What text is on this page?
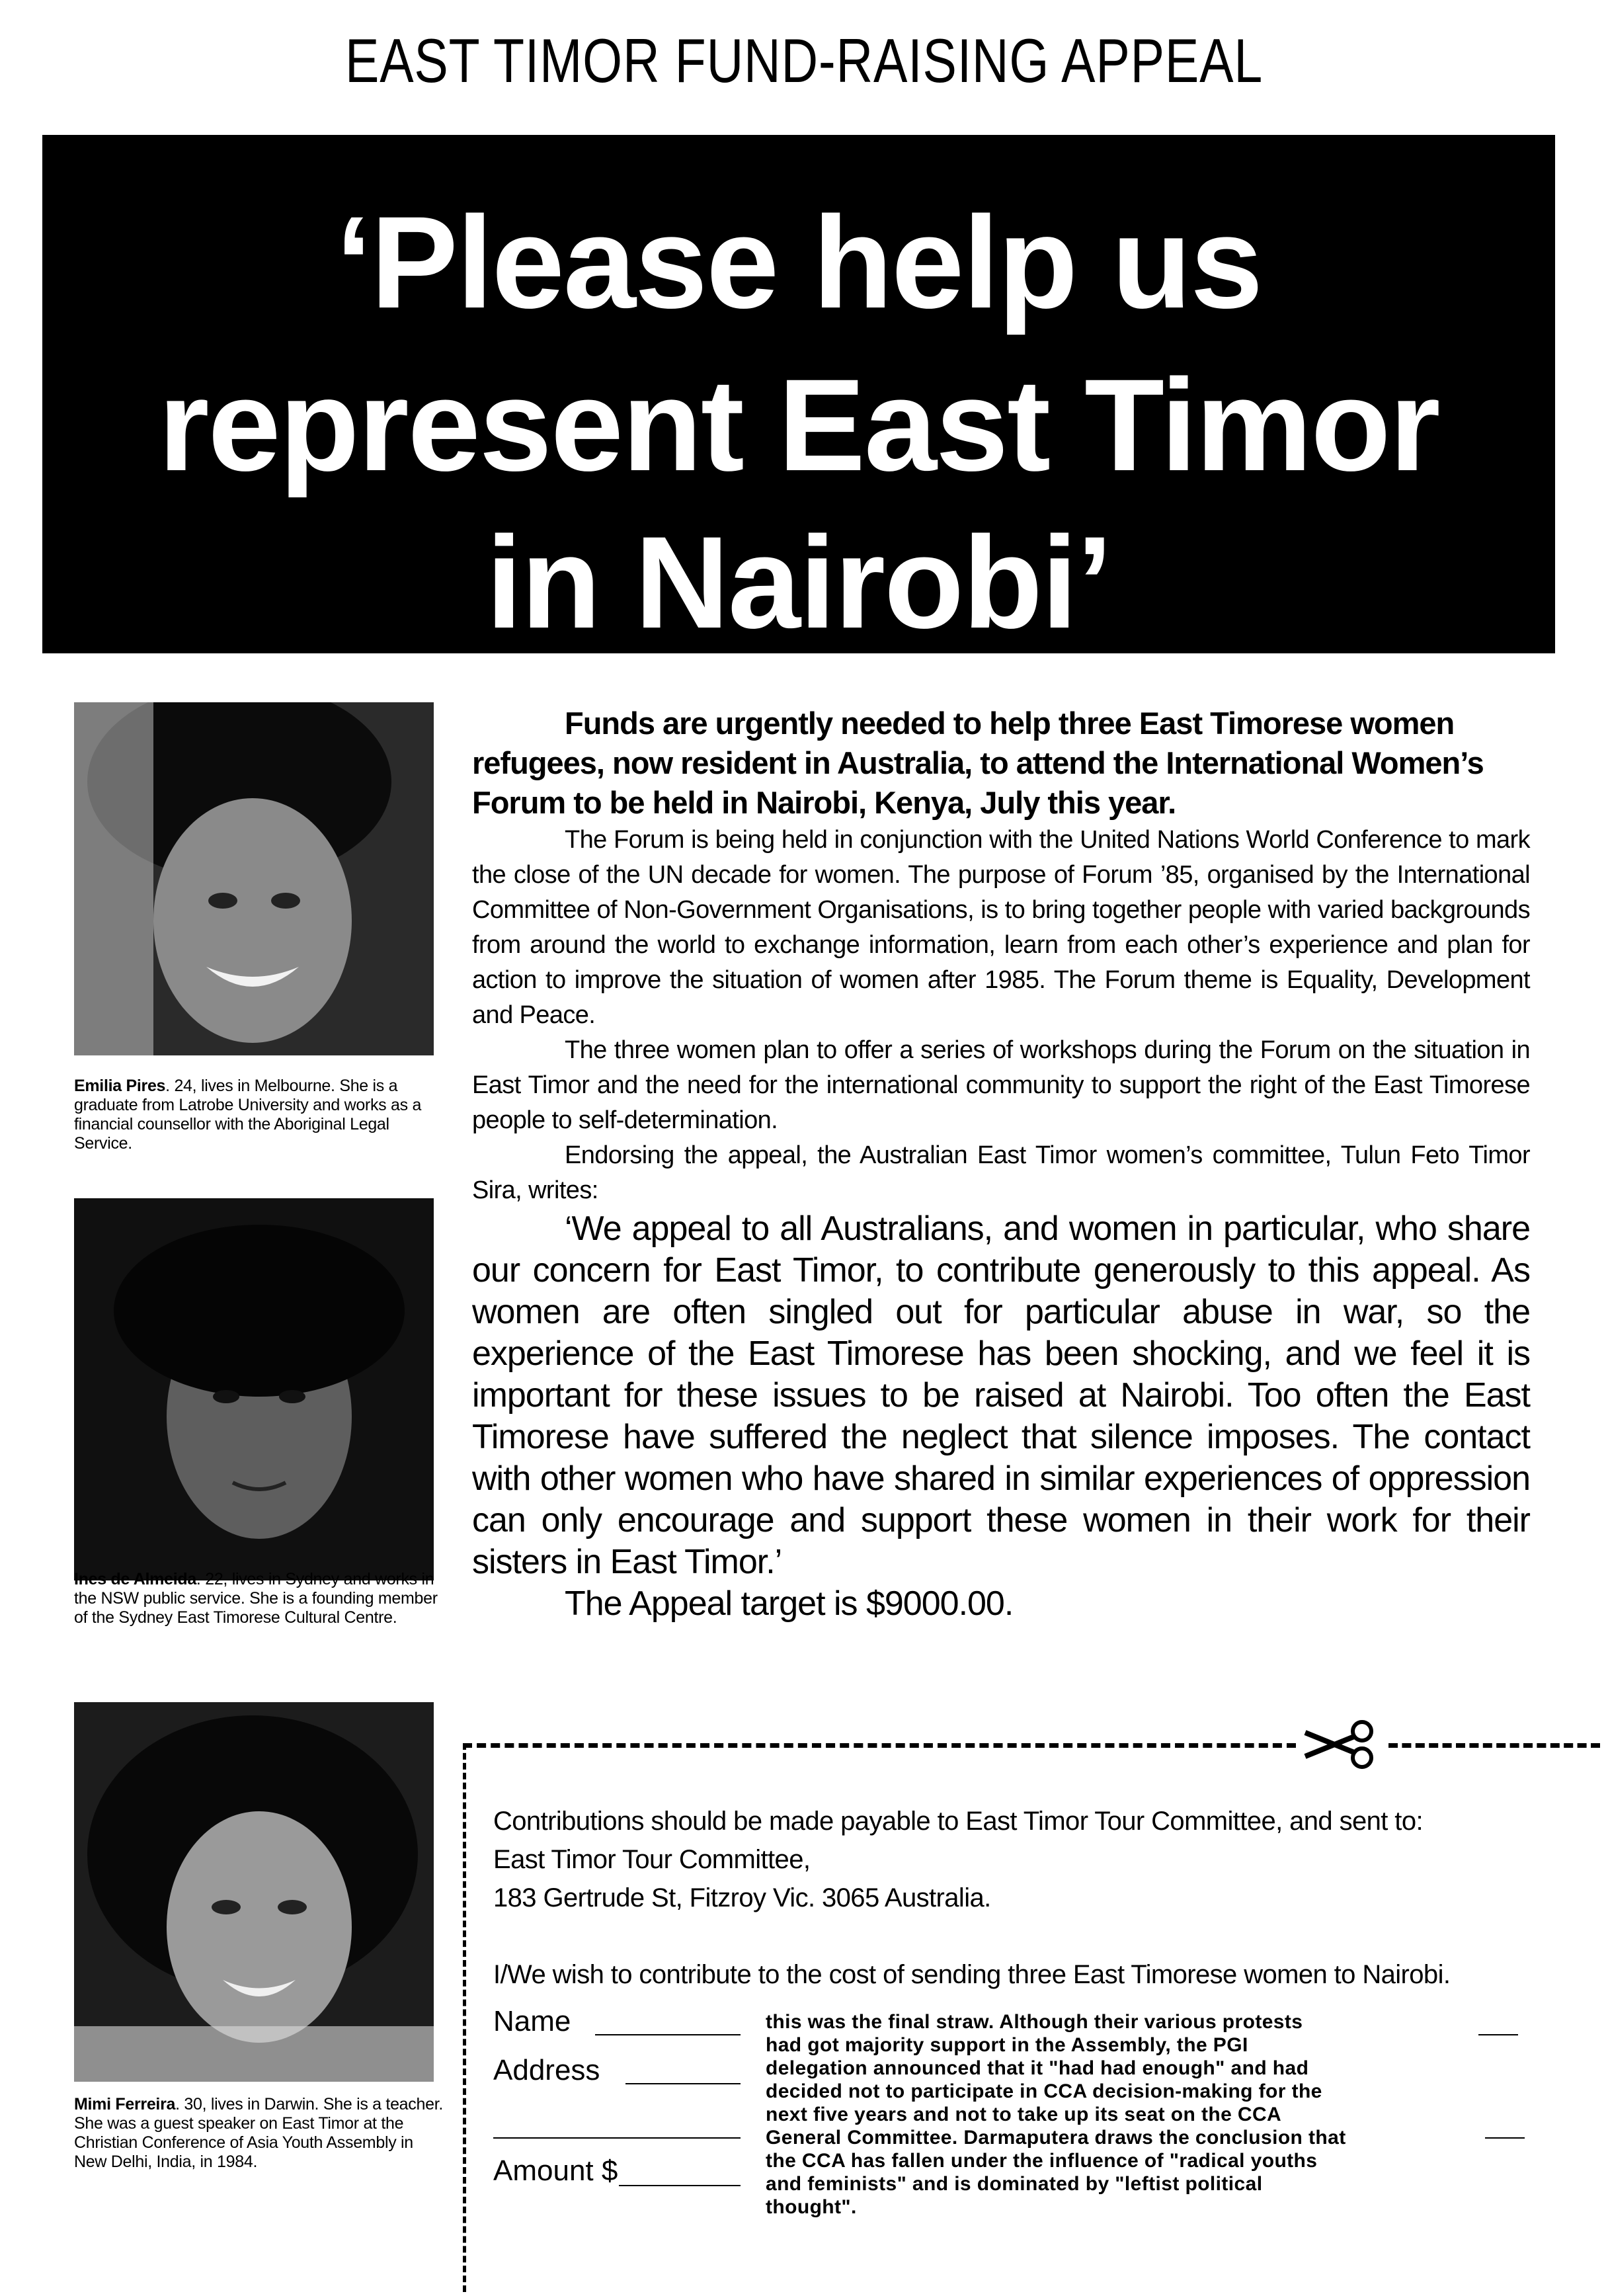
EAST TIMOR FUND-RAISING APPEAL
‘Please help us
represent East Timor
in Nairobi’
Emilia Pires. 24, lives in Melbourne. She is a graduate from Latrobe University and works as a financial counsellor with the Aboriginal Legal Service.
Ines de Almeida. 22, lives in Sydney and works in the NSW public service. She is a founding member of the Sydney East Timorese Cultural Centre.
Mimi Ferreira. 30, lives in Darwin. She is a teacher. She was a guest speaker on East Timor at the Christian Conference of Asia Youth Assembly in New Delhi, India, in 1984.
Funds are urgently needed to help three East Timorese women refugees, now resident in Australia, to attend the International Women’s Forum to be held in Nairobi, Kenya, July this year.
The Forum is being held in conjunction with the United Nations World Conference to mark the close of the UN decade for women. The purpose of Forum ’85, organised by the International Committee of Non-Government Organisations, is to bring together people with varied backgrounds from around the world to exchange information, learn from each other’s experience and plan for action to improve the situation of women after 1985. The Forum theme is Equality, Development and Peace.
The three women plan to offer a series of workshops during the Forum on the situation in East Timor and the need for the international community to support the right of the East Timorese people to self-determination.
Endorsing the appeal, the Australian East Timor women’s committee, Tulun Feto Timor Sira, writes:
‘We appeal to all Australians, and women in particular, who share our concern for East Timor, to contribute generously to this appeal. As women are often singled out for particular abuse in war, so the experience of the East Timorese has been shocking, and we feel it is important for these issues to be raised at Nairobi. Too often the East Timorese have suffered the neglect that silence imposes. The contact with other women who have shared in similar experiences of oppression can only encourage and support these women in their work for their sisters in East Timor.’
The Appeal target is $9000.00.
Contributions should be made payable to East Timor Tour Committee, and sent to:
East Timor Tour Committee,
183 Gertrude St, Fitzroy Vic. 3065 Australia.
I/We wish to contribute to the cost of sending three East Timorese women to Nairobi.
Name
Address
Amount $
this was the final straw. Although their various protests
had got majority support in the Assembly, the PGI
delegation announced that it "had had enough" and had
decided not to participate in CCA decision-making for the
next five years and not to take up its seat on the CCA
General Committee. Darmaputera draws the conclusion that
the CCA has fallen under the influence of "radical youths
and feminists" and is dominated by "leftist political
thought".
